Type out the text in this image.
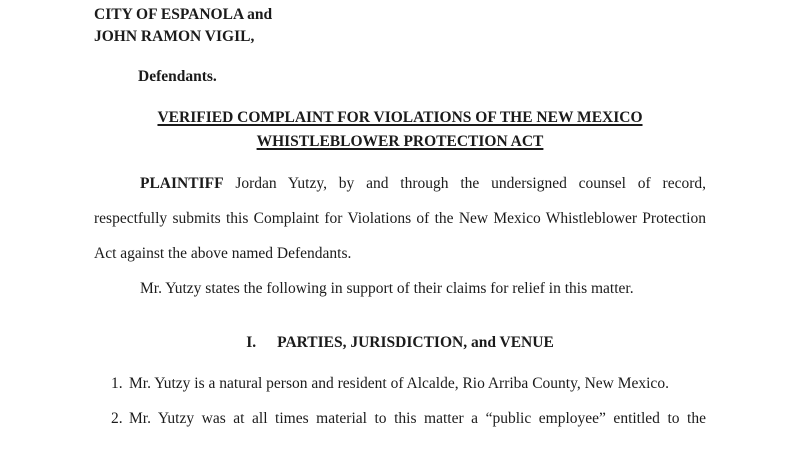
CITY OF ESPANOLA and
JOHN RAMON VIGIL,
Defendants.
VERIFIED COMPLAINT FOR VIOLATIONS OF THE NEW MEXICO
WHISTLEBLOWER PROTECTION ACT
PLAINTIFF Jordan Yutzy, by and through the undersigned counsel of record,
respectfully submits this Complaint for Violations of the New Mexico Whistleblower Protection
Act against the above named Defendants.
Mr. Yutzy states the following in support of their claims for relief in this matter.
I. PARTIES, JURISDICTION, and VENUE
1. Mr. Yutzy is a natural person and resident of Alcalde, Rio Arriba County, New Mexico.
2. Mr. Yutzy was at all times material to this matter a “public employee” entitled to the
